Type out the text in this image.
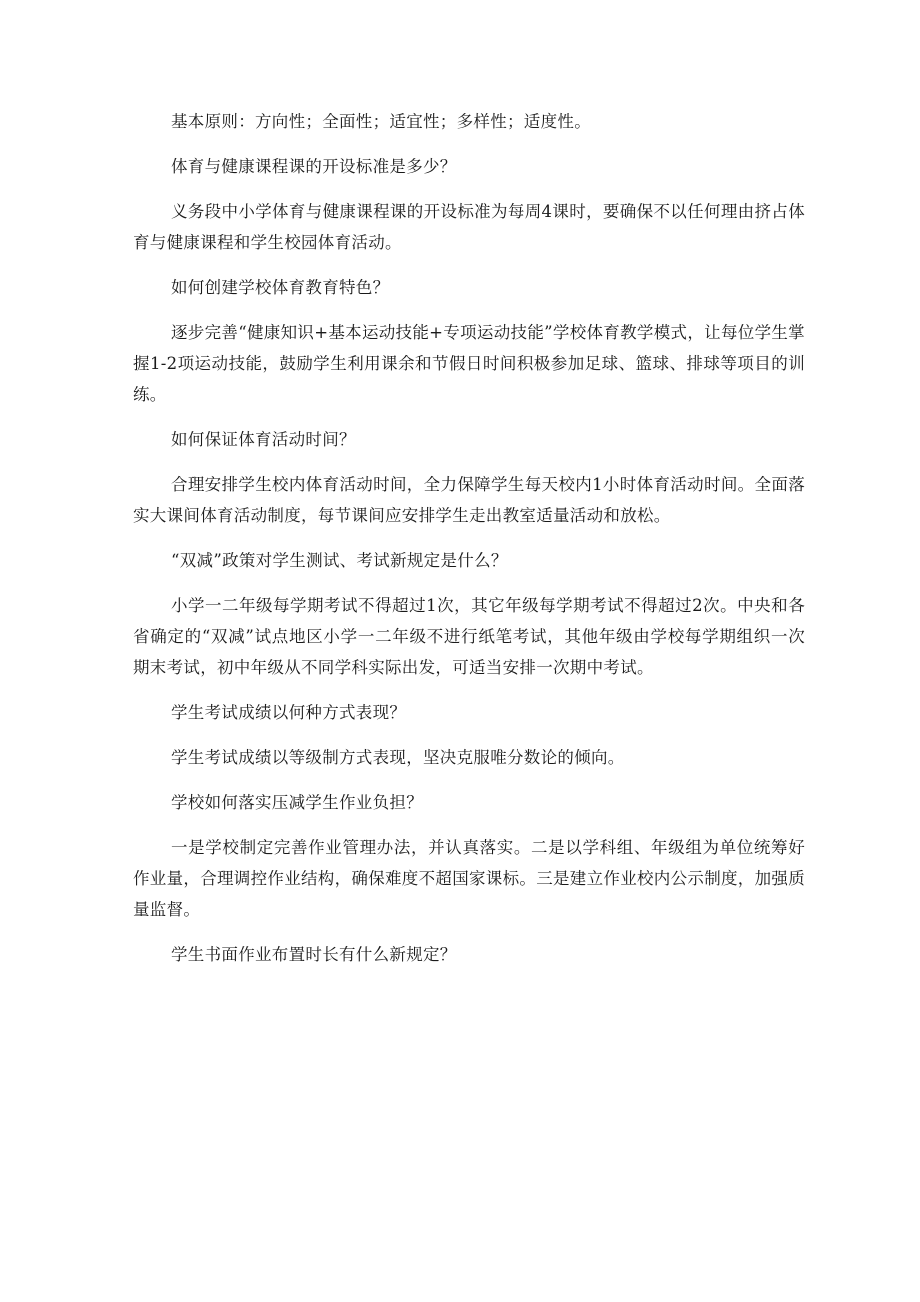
基本原则：方向性；全面性；适宜性；多样性；适度性。

体育与健康课程课的开设标准是多少？

义务段中小学体育与健康课程课的开设标准为每周4课时，要确保不以任何理由挤占体育与健康课程和学生校园体育活动。

如何创建学校体育教育特色？

逐步完善“健康知识+基本运动技能+专项运动技能”学校体育教学模式，让每位学生掌握1-2项运动技能，鼓励学生利用课余和节假日时间积极参加足球、篮球、排球等项目的训练。

如何保证体育活动时间？

合理安排学生校内体育活动时间，全力保障学生每天校内1小时体育活动时间。全面落实大课间体育活动制度，每节课间应安排学生走出教室适量活动和放松。

“双减”政策对学生测试、考试新规定是什么？

小学一二年级每学期考试不得超过1次，其它年级每学期考试不得超过2次。中央和各省确定的“双减”试点地区小学一二年级不进行纸笔考试，其他年级由学校每学期组织一次期末考试，初中年级从不同学科实际出发，可适当安排一次期中考试。

学生考试成绩以何种方式表现？

学生考试成绩以等级制方式表现，坚决克服唯分数论的倾向。

学校如何落实压减学生作业负担？

一是学校制定完善作业管理办法，并认真落实。二是以学科组、年级组为单位统筹好作业量，合理调控作业结构，确保难度不超国家课标。三是建立作业校内公示制度，加强质量监督。

学生书面作业布置时长有什么新规定？
